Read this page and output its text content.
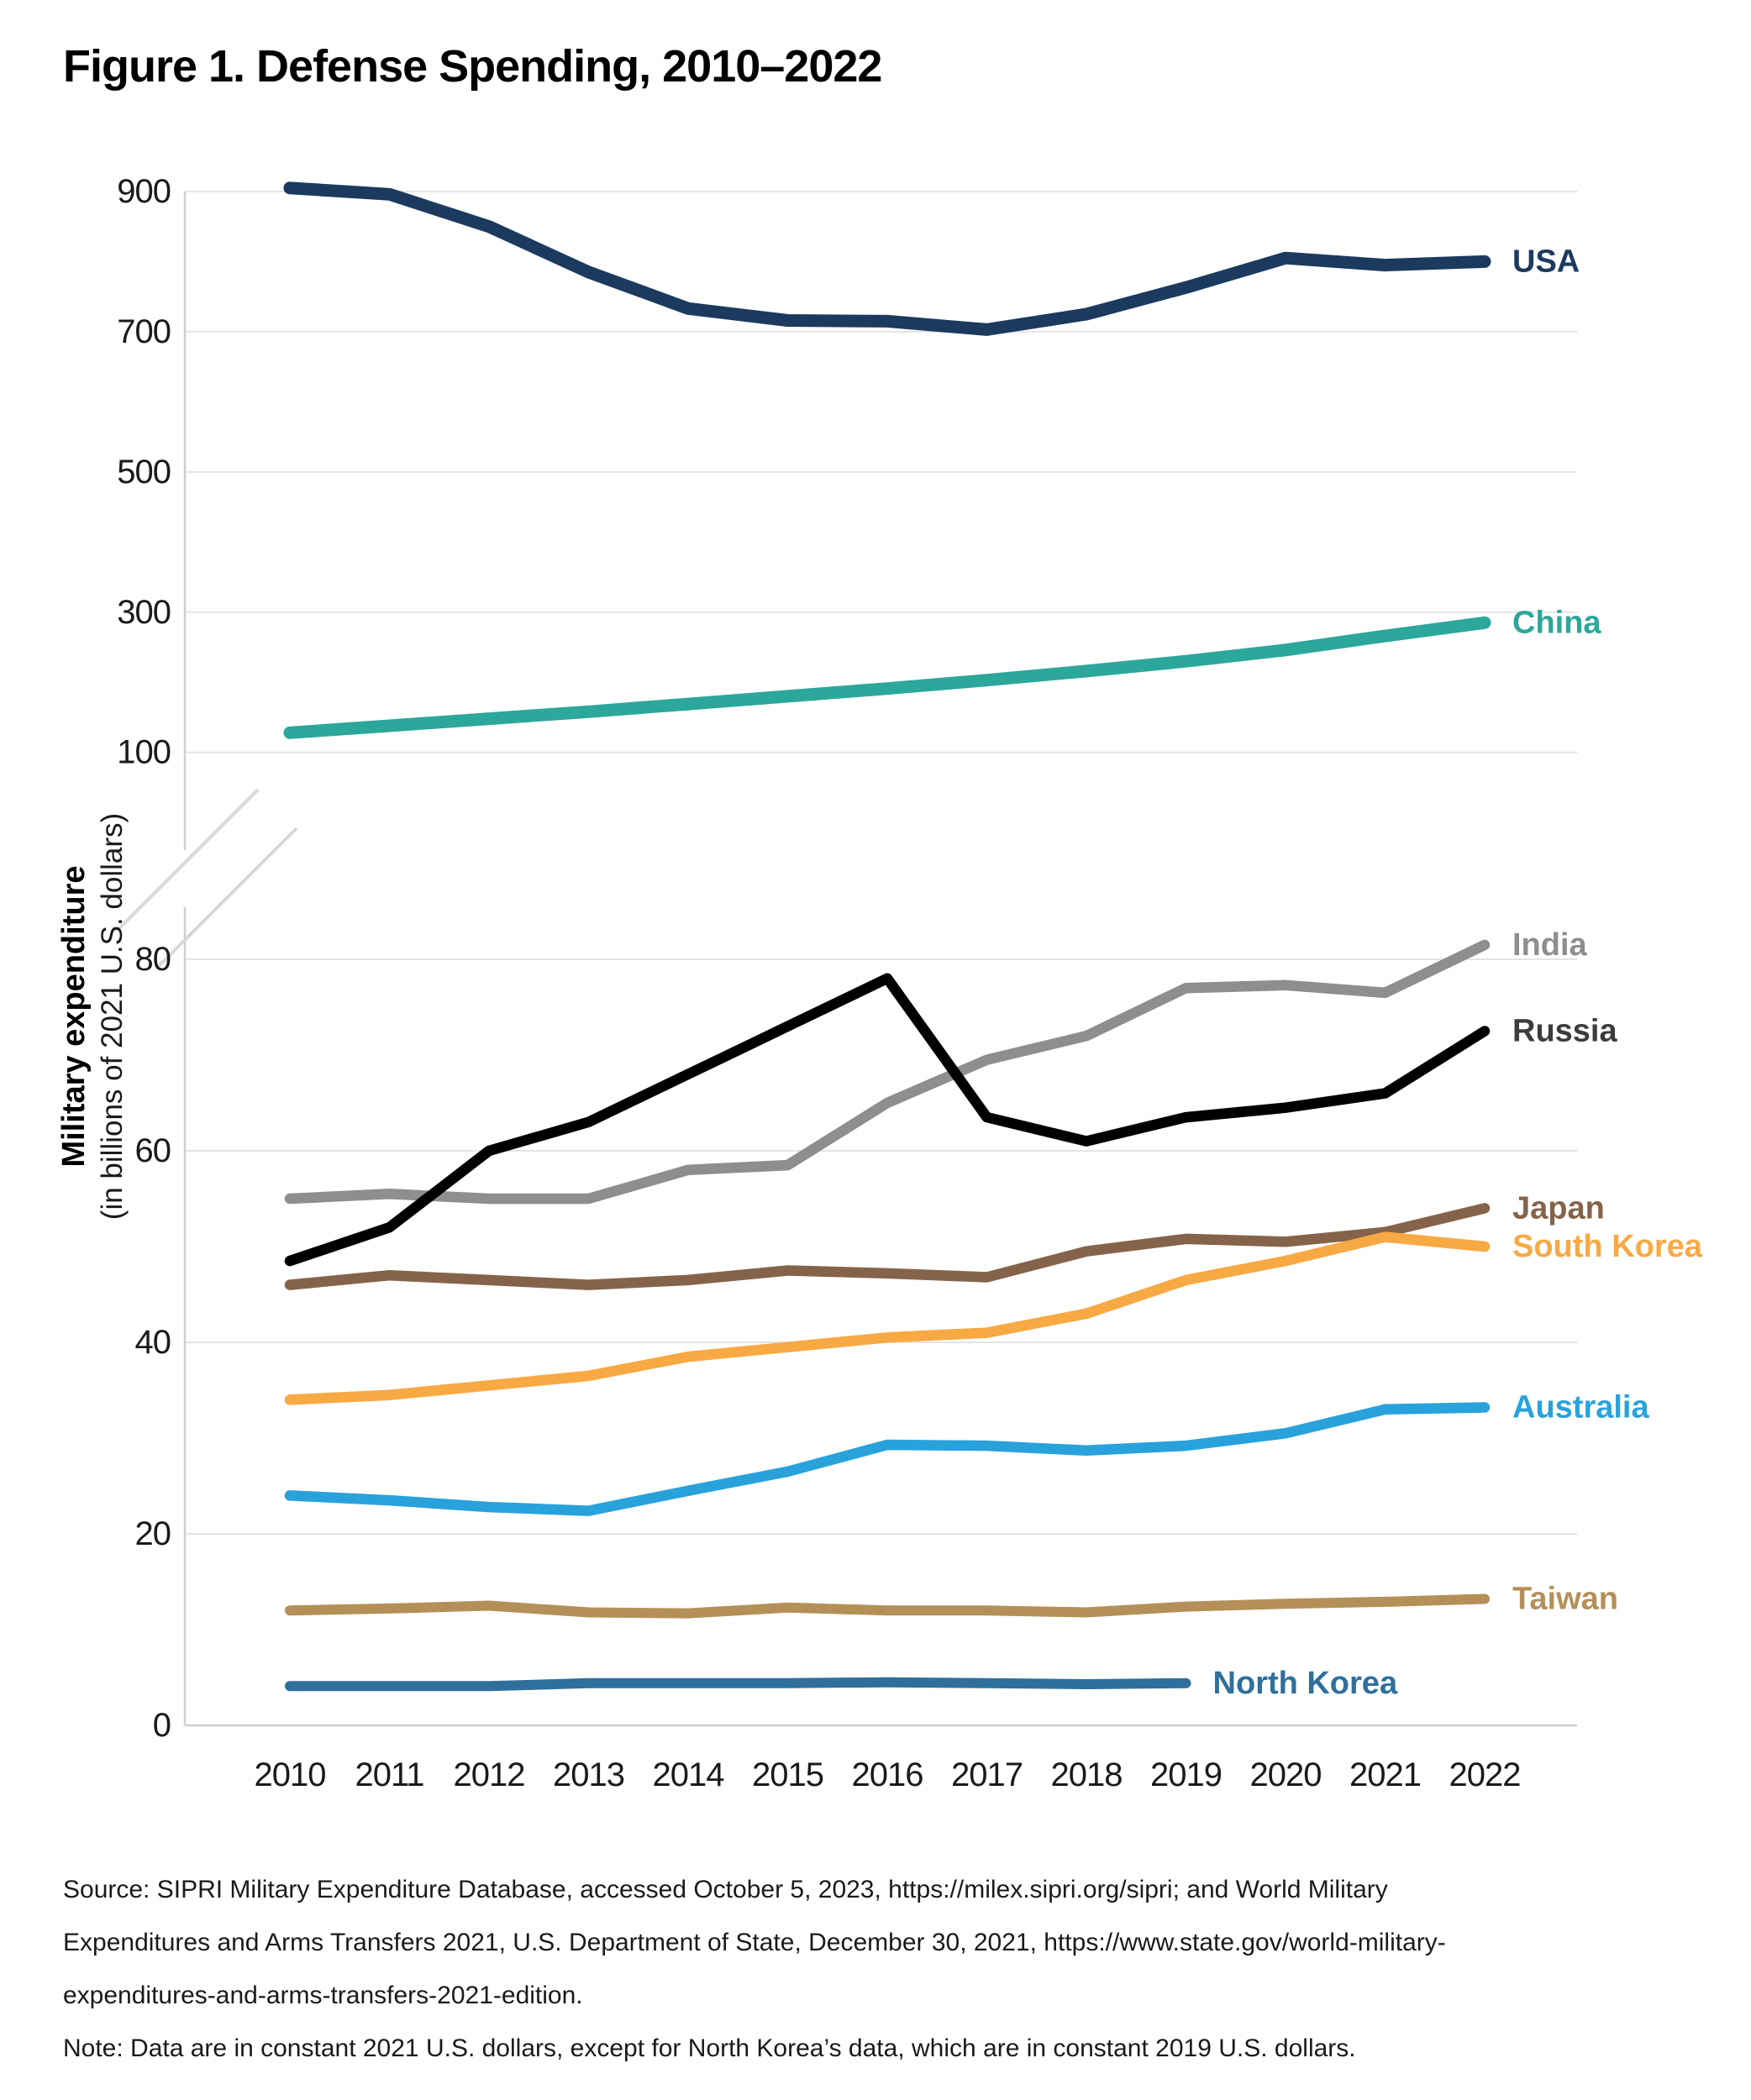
Figure 1. Defense Spending, 2010–2022
900
700
500
300
100
80
60
40
20
0
2010 2011 2012 2013 2014 2015 2016 2017 2018 2019 2020 2021 2022
USA
China
India
Russia
Japan
South Korea
Australia
Taiwan
North Korea
Military expenditure (in billions of 2021 U.S. dollars)
Source: SIPRI Military Expenditure Database, accessed October 5, 2023, https://milex.sipri.org/sipri; and World Military
Expenditures and Arms Transfers 2021, U.S. Department of State, December 30, 2021, https://www.state.gov/world-military-
expenditures-and-arms-transfers-2021-edition.
Note: Data are in constant 2021 U.S. dollars, except for North Korea’s data, which are in constant 2019 U.S. dollars.
